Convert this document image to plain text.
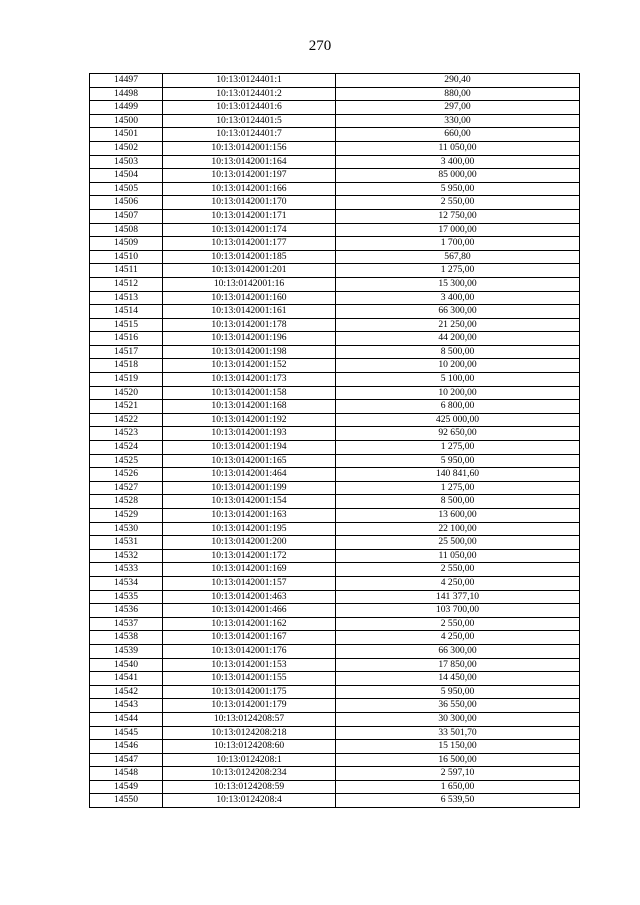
270
14497	10:13:0124401:1	290,40
14498	10:13:0124401:2	880,00
14499	10:13:0124401:6	297,00
14500	10:13:0124401:5	330,00
14501	10:13:0124401:7	660,00
14502	10:13:0142001:156	11 050,00
14503	10:13:0142001:164	3 400,00
14504	10:13:0142001:197	85 000,00
14505	10:13:0142001:166	5 950,00
14506	10:13:0142001:170	2 550,00
14507	10:13:0142001:171	12 750,00
14508	10:13:0142001:174	17 000,00
14509	10:13:0142001:177	1 700,00
14510	10:13:0142001:185	567,80
14511	10:13:0142001:201	1 275,00
14512	10:13:0142001:16	15 300,00
14513	10:13:0142001:160	3 400,00
14514	10:13:0142001:161	66 300,00
14515	10:13:0142001:178	21 250,00
14516	10:13:0142001:196	44 200,00
14517	10:13:0142001:198	8 500,00
14518	10:13:0142001:152	10 200,00
14519	10:13:0142001:173	5 100,00
14520	10:13:0142001:158	10 200,00
14521	10:13:0142001:168	6 800,00
14522	10:13:0142001:192	425 000,00
14523	10:13:0142001:193	92 650,00
14524	10:13:0142001:194	1 275,00
14525	10:13:0142001:165	5 950,00
14526	10:13:0142001:464	140 841,60
14527	10:13:0142001:199	1 275,00
14528	10:13:0142001:154	8 500,00
14529	10:13:0142001:163	13 600,00
14530	10:13:0142001:195	22 100,00
14531	10:13:0142001:200	25 500,00
14532	10:13:0142001:172	11 050,00
14533	10:13:0142001:169	2 550,00
14534	10:13:0142001:157	4 250,00
14535	10:13:0142001:463	141 377,10
14536	10:13:0142001:466	103 700,00
14537	10:13:0142001:162	2 550,00
14538	10:13:0142001:167	4 250,00
14539	10:13:0142001:176	66 300,00
14540	10:13:0142001:153	17 850,00
14541	10:13:0142001:155	14 450,00
14542	10:13:0142001:175	5 950,00
14543	10:13:0142001:179	36 550,00
14544	10:13:0124208:57	30 300,00
14545	10:13:0124208:218	33 501,70
14546	10:13:0124208:60	15 150,00
14547	10:13:0124208:1	16 500,00
14548	10:13:0124208:234	2 597,10
14549	10:13:0124208:59	1 650,00
14550	10:13:0124208:4	6 539,50
